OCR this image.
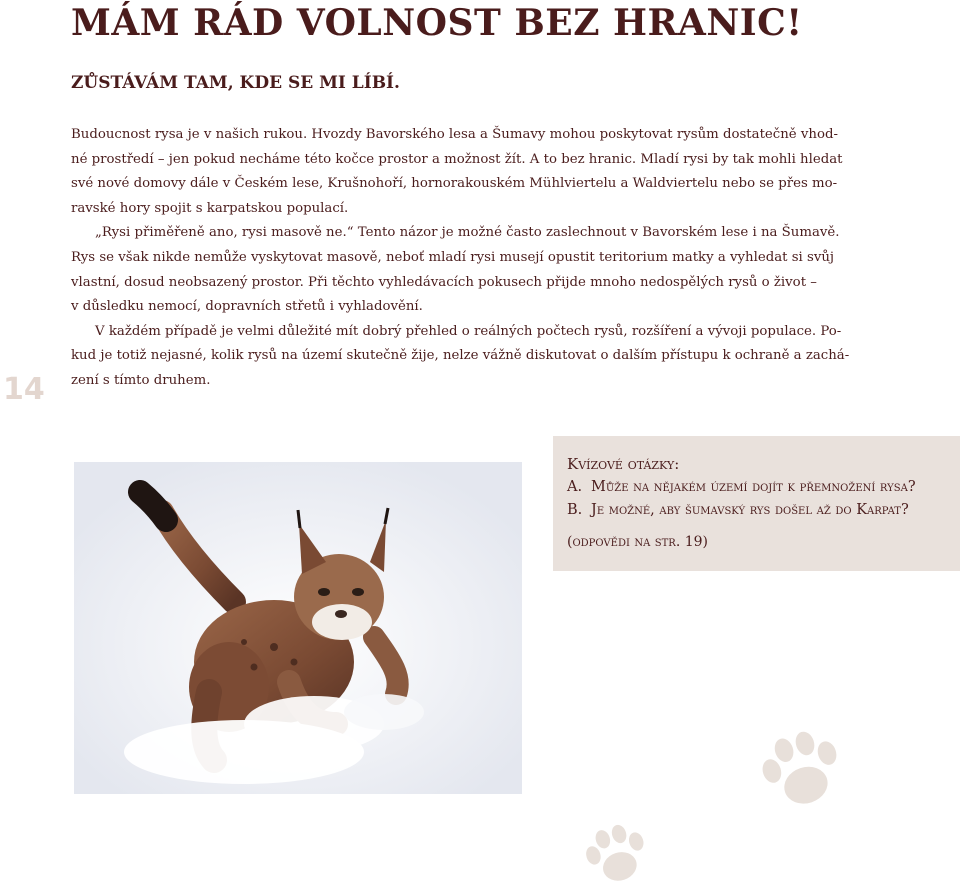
MÁM RÁD VOLNOST BEZ HRANIC!
ZŮSTÁVÁM TAM, KDE SE MI LÍBÍ.

Budoucnost rysa je v našich rukou. Hvozdy Bavorského lesa a Šumavy mohou poskytovat rysům dostatečně vhod-
né prostředí – jen pokud necháme této kočce prostor a možnost žít. A to bez hranic. Mladí rysi by tak mohli hledat
své nové domovy dále v Českém lese, Krušnohoří, hornorakouském Mühlviertelu a Waldviertelu nebo se přes mo-
ravské hory spojit s karpatskou populací.

„Rysi přiměřeně ano, rysi masově ne.“ Tento názor je možné často zaslechnout v Bavorském lese i na Šumavě.
Rys se však nikde nemůže vyskytovat masově, neboť mladí rysi musejí opustit teritorium matky a vyhledat si svůj
vlastní, dosud neobsazený prostor. Při těchto vyhledávacích pokusech přijde mnoho nedospělých rysů o život –
v důsledku nemocí, dopravních střetů i vyhladovění.

V každém případě je velmi důležité mít dobrý přehled o reálných počtech rysů, rozšíření a vývoji populace. Po-
kud je totiž nejasné, kolik rysů na území skutečně žije, nelze vážně diskutovat o dalším přístupu k ochraně a zachá-
zení s tímto druhem.

14
Kvízové otázky:
A. Může na nějakém území dojít k přemnožení rysa?
B. Je možné, aby šumavský rys došel až do Karpat?
(odpovědi na str. 19)
